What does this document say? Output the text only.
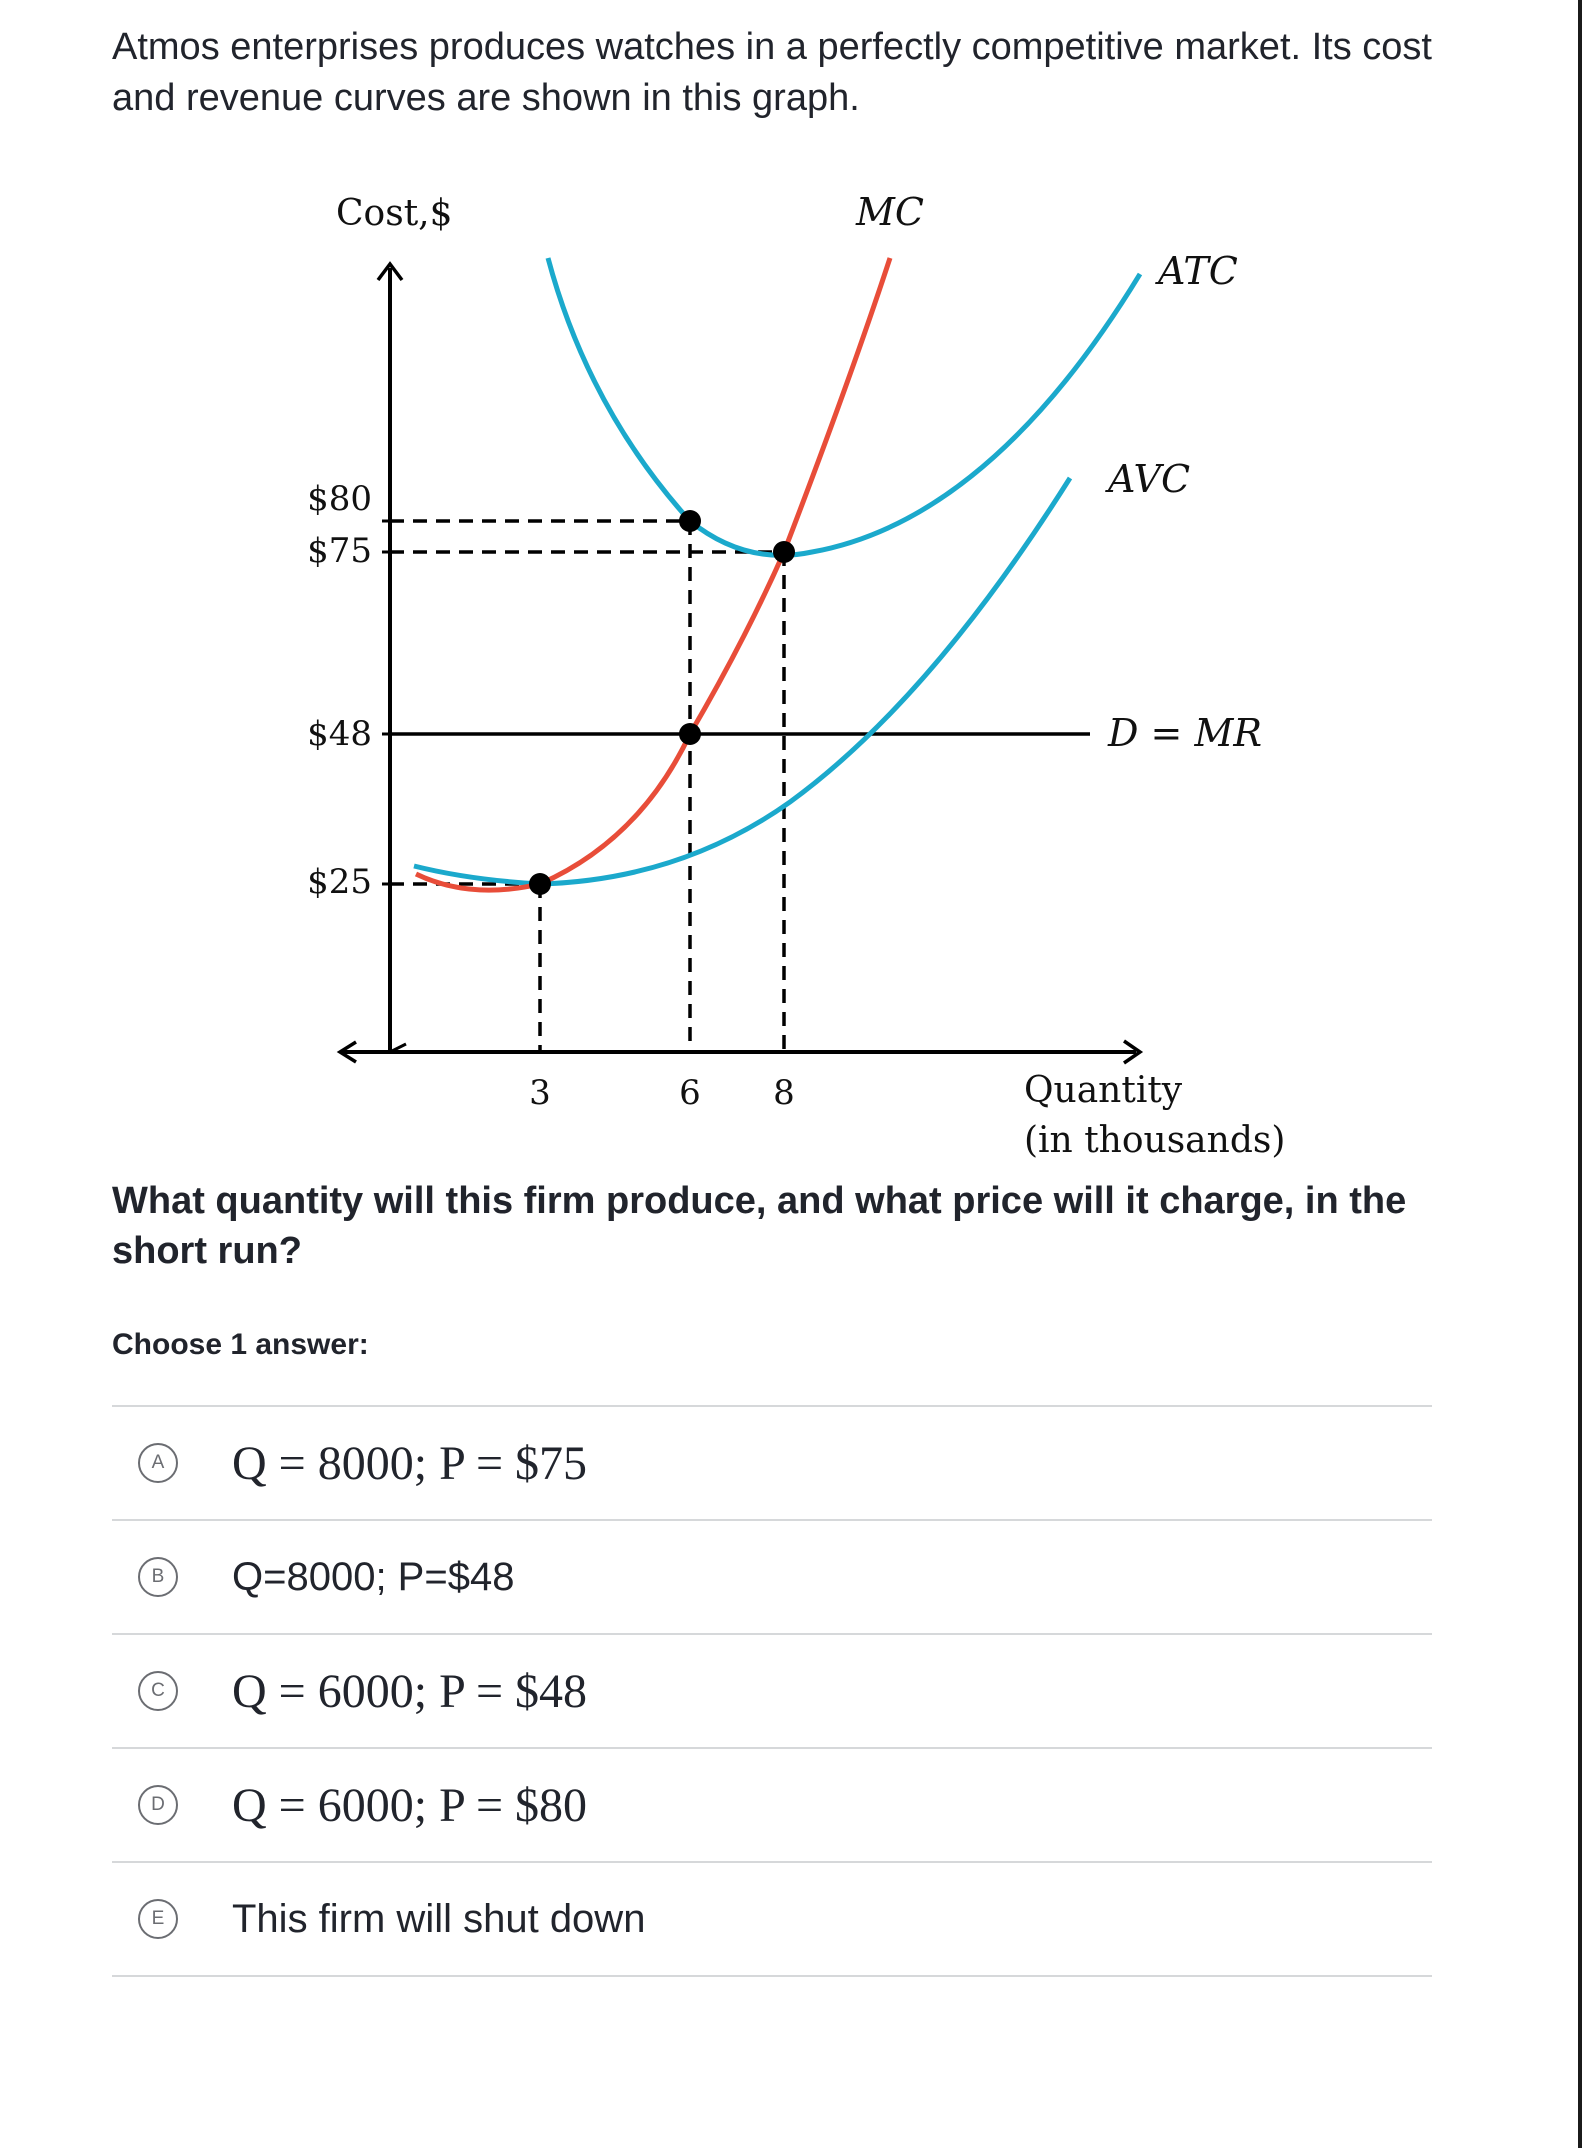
Atmos enterprises produces watches in a perfectly competitive market. Its cost and revenue curves are shown in this graph.
Cost,$
$80
$75
$48
$25
3	6 8	Quantity
(in thousands)
MC
ATC
AVC
D = MR
What quantity will this firm produce, and what price will it charge, in the short run?
Choose 1 answer:
A Q = 8000; P = $75
B	Q=8000; P=$48
C Q = 6000; P = $48
D Q = 6000; P = $80
E	This firm will shut down
